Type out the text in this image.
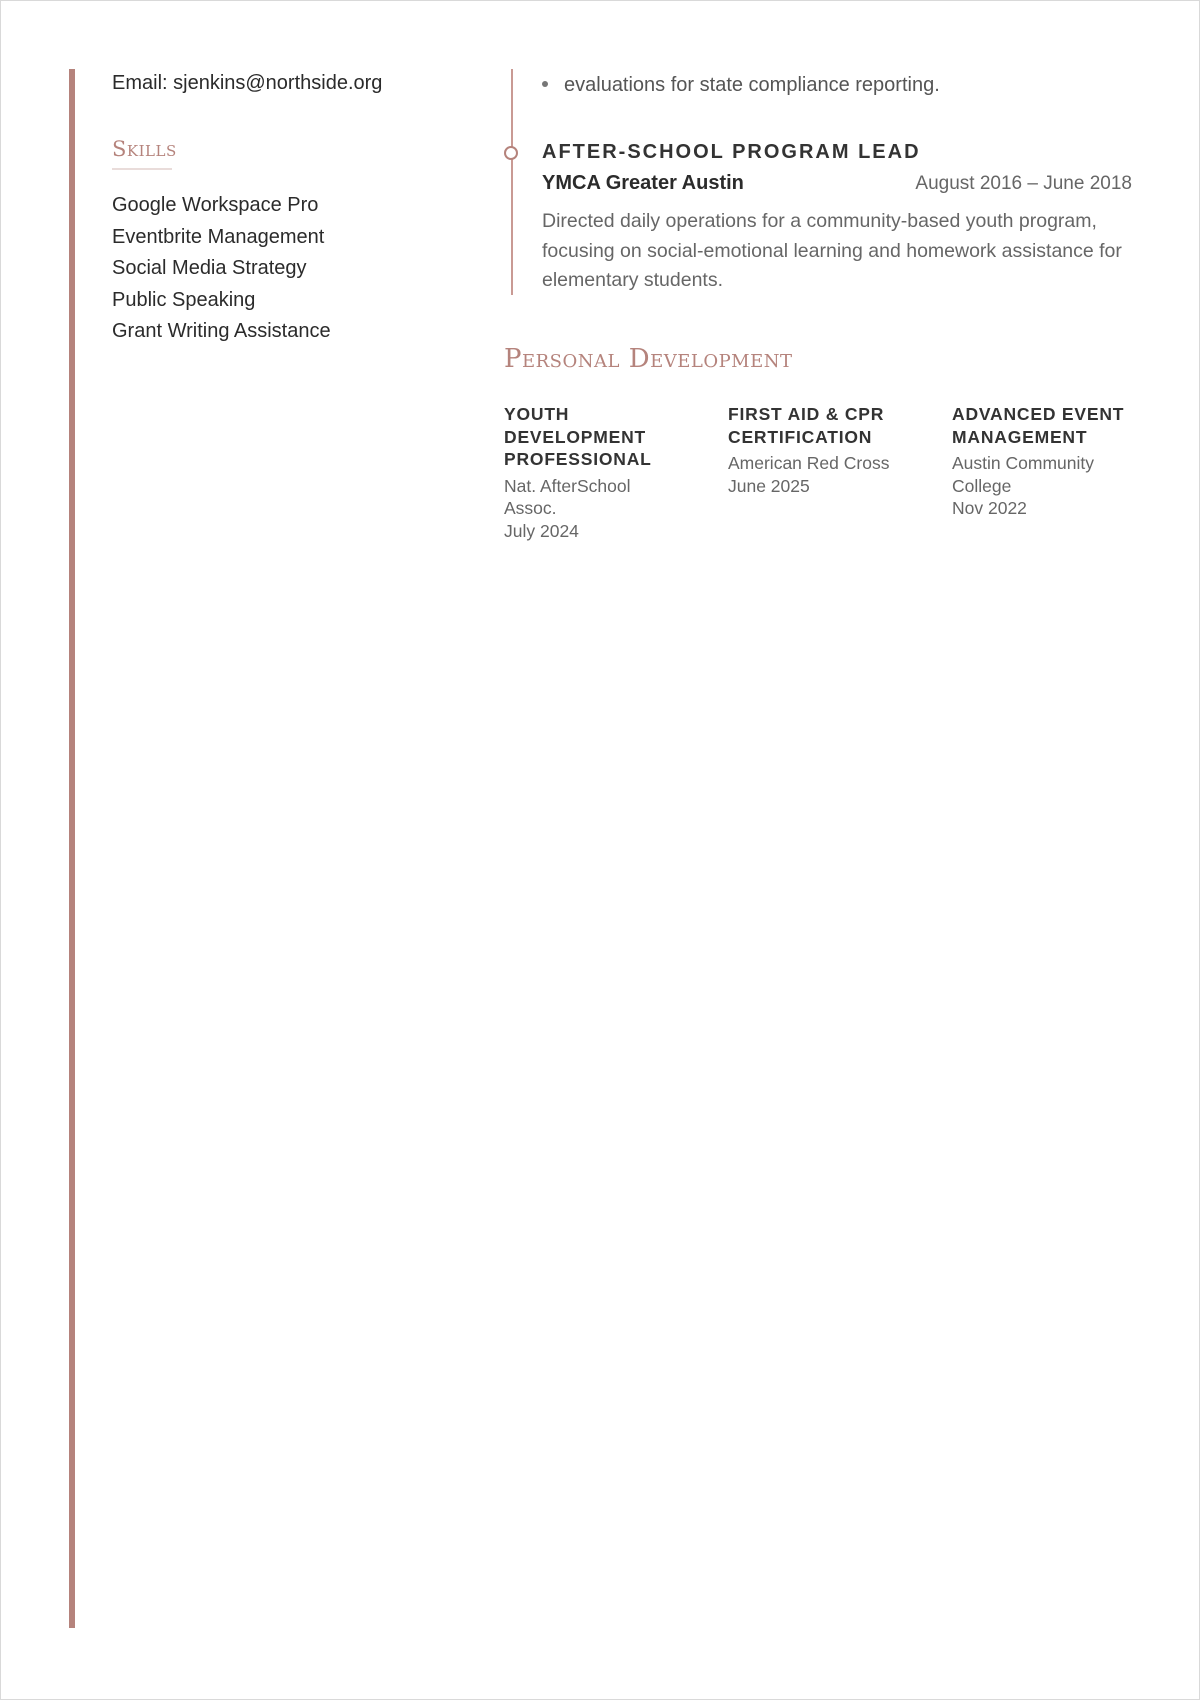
Email: sjenkins@northside.org
Skills
Google Workspace Pro
Eventbrite Management
Social Media Strategy
Public Speaking
Grant Writing Assistance
evaluations for state compliance reporting.
AFTER-SCHOOL PROGRAM LEAD
YMCA Greater Austin	August 2016 – June 2018
Directed daily operations for a community-based youth program, focusing on social-emotional learning and homework assistance for elementary students.
Personal Development
YOUTH DEVELOPMENT PROFESSIONAL
Nat. AfterSchool Assoc.
July 2024
FIRST AID & CPR CERTIFICATION
American Red Cross
June 2025
ADVANCED EVENT MANAGEMENT
Austin Community College
Nov 2022
